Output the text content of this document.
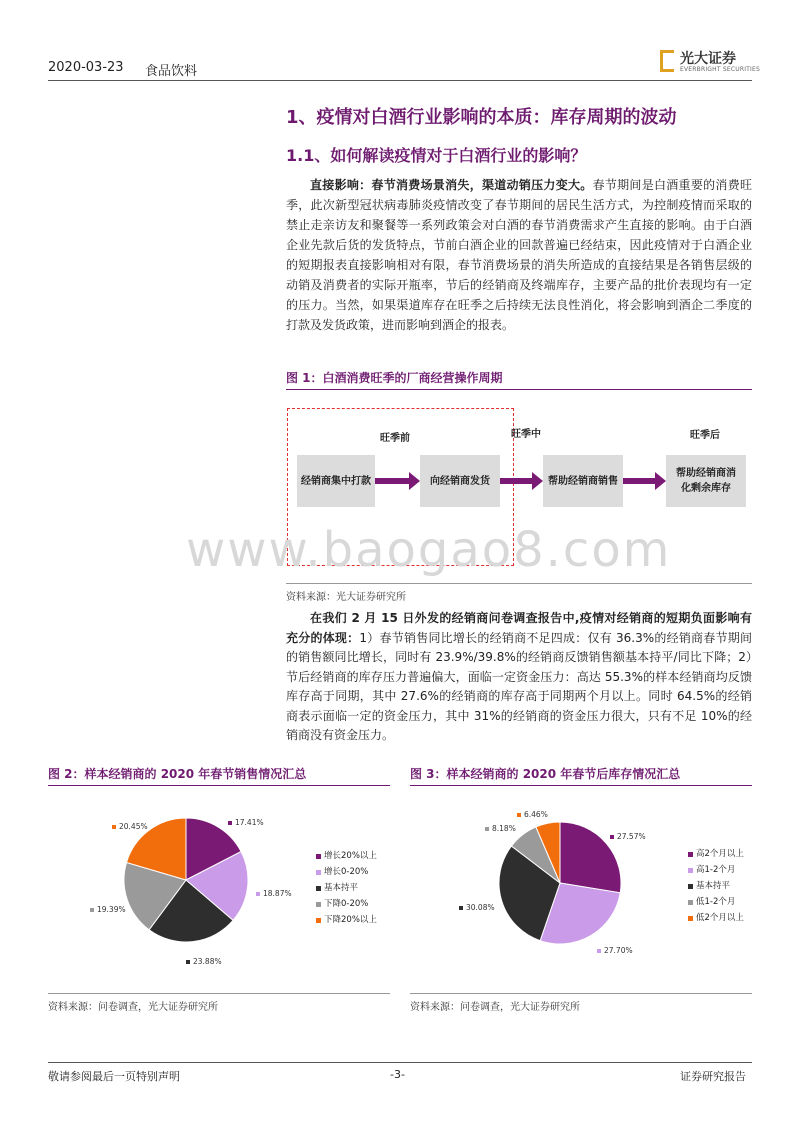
2020-03-23 食品饮料
光大证券
EVERBRIGHT SECURITIES
1、疫情对白酒行业影响的本质：库存周期的波动
1.1、如何解读疫情对于白酒行业的影响？
直接影响：春节消费场景消失，渠道动销压力变大。春节期间是白酒重要的消费旺季，此次新型冠状病毒肺炎疫情改变了春节期间的居民生活方式，为控制疫情而采取的禁止走亲访友和聚餐等一系列政策会对白酒的春节消费需求产生直接的影响。由于白酒企业先款后货的发货特点，节前白酒企业的回款普遍已经结束，因此疫情对于白酒企业的短期报表直接影响相对有限，春节消费场景的消失所造成的直接结果是各销售层级的动销及消费者的实际开瓶率，节后的经销商及终端库存，主要产品的批价表现均有一定的压力。当然，如果渠道库存在旺季之后持续无法良性消化，将会影响到酒企二季度的打款及发货政策，进而影响到酒企的报表。
图 1：白酒消费旺季的厂商经营操作周期
旺季前	旺季中	旺季后
经销商集中打款	向经销商发货	帮助经销商销售
帮助经销商消化剩余库存
www.baogao8.com
资料来源：光大证券研究所
在我们 2 月 15 日外发的经销商问卷调查报告中,疫情对经销商的短期负面影响有充分的体现：1）春节销售同比增长的经销商不足四成：仅有 36.3%的经销商春节期间的销售额同比增长，同时有 23.9%/39.8%的经销商反馈销售额基本持平/同比下降；2）节后经销商的库存压力普遍偏大，面临一定资金压力：高达 55.3%的样本经销商均反馈库存高于同期，其中 27.6%的经销商的库存高于同期两个月以上。同时 64.5%的经销商表示面临一定的资金压力，其中 31%的经销商的资金压力很大，只有不足 10%的经销商没有资金压力。
图 2：样本经销商的 2020 年春节销售情况汇总
增长20%以上
增长0-20%
基本持平
下降0-20%
下降20%以上
17.41%
18.87%
23.88%
19.39%
20.45%
资料来源：问卷调查，光大证券研究所
图 3：样本经销商的 2020 年春节后库存情况汇总
高2个月以上
高1-2个月
基本持平
低1-2个月
低2个月以上
27.57%
27.70%
30.08%
8.18%
6.46%
资料来源：问卷调查，光大证券研究所
敬请参阅最后一页特别声明	-3-	证券研究报告
